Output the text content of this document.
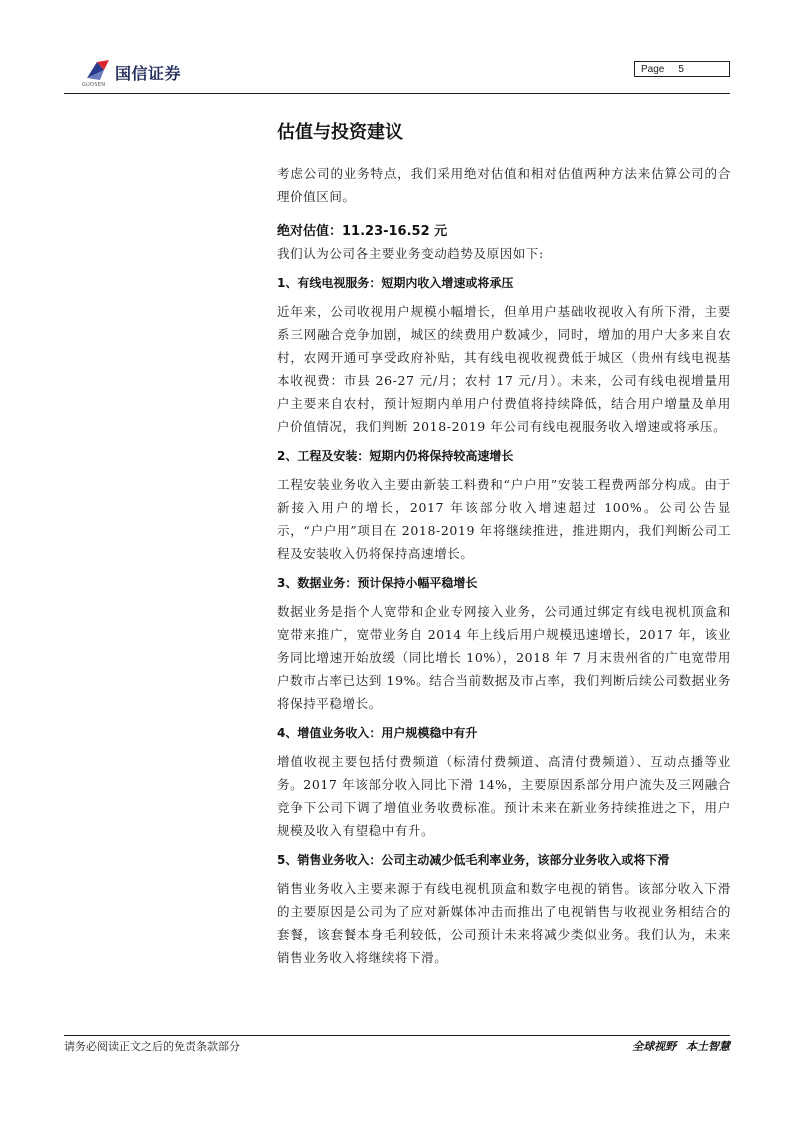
国信证券
GUOSEN
Page 5
估值与投资建议

考虑公司的业务特点，我们采用绝对估值和相对估值两种方法来估算公司的合理价值区间。

绝对估值：11.23-16.52 元

我们认为公司各主要业务变动趋势及原因如下:

1、有线电视服务：短期内收入增速或将承压

近年来，公司收视用户规模小幅增长，但单用户基础收视收入有所下滑，主要系三网融合竞争加剧，城区的续费用户数减少，同时，增加的用户大多来自农村，农网开通可享受政府补贴，其有线电视收视费低于城区（贵州有线电视基本收视费：市县 26-27 元/月；农村 17 元/月）。未来，公司有线电视增量用户主要来自农村，预计短期内单用户付费值将持续降低，结合用户增量及单用户价值情况，我们判断 2018-2019 年公司有线电视服务收入增速或将承压。

2、工程及安装：短期内仍将保持较高速增长

工程安装业务收入主要由新装工料费和“户户用”安装工程费两部分构成。由于新接入用户的增长，2017 年该部分收入增速超过 100%。公司公告显示，“户户用”项目在 2018-2019 年将继续推进，推进期内，我们判断公司工程及安装收入仍将保持高速增长。

3、数据业务：预计保持小幅平稳增长

数据业务是指个人宽带和企业专网接入业务，公司通过绑定有线电视机顶盒和宽带来推广，宽带业务自 2014 年上线后用户规模迅速增长，2017 年，该业务同比增速开始放缓（同比增长 10%），2018 年 7 月末贵州省的广电宽带用户数市占率已达到 19%。结合当前数据及市占率，我们判断后续公司数据业务将保持平稳增长。

4、增值业务收入：用户规模稳中有升

增值收视主要包括付费频道（标清付费频道、高清付费频道）、互动点播等业务。2017 年该部分收入同比下滑 14%，主要原因系部分用户流失及三网融合竞争下公司下调了增值业务收费标准。预计未来在新业务持续推进之下，用户规模及收入有望稳中有升。

5、销售业务收入：公司主动减少低毛利率业务，该部分业务收入或将下滑

销售业务收入主要来源于有线电视机顶盒和数字电视的销售。该部分收入下滑的主要原因是公司为了应对新媒体冲击而推出了电视销售与收视业务相结合的套餐，该套餐本身毛利较低，公司预计未来将减少类似业务。我们认为，未来销售业务收入将继续将下滑。

请务必阅读正文之后的免责条款部分	全球视野 本土智慧
